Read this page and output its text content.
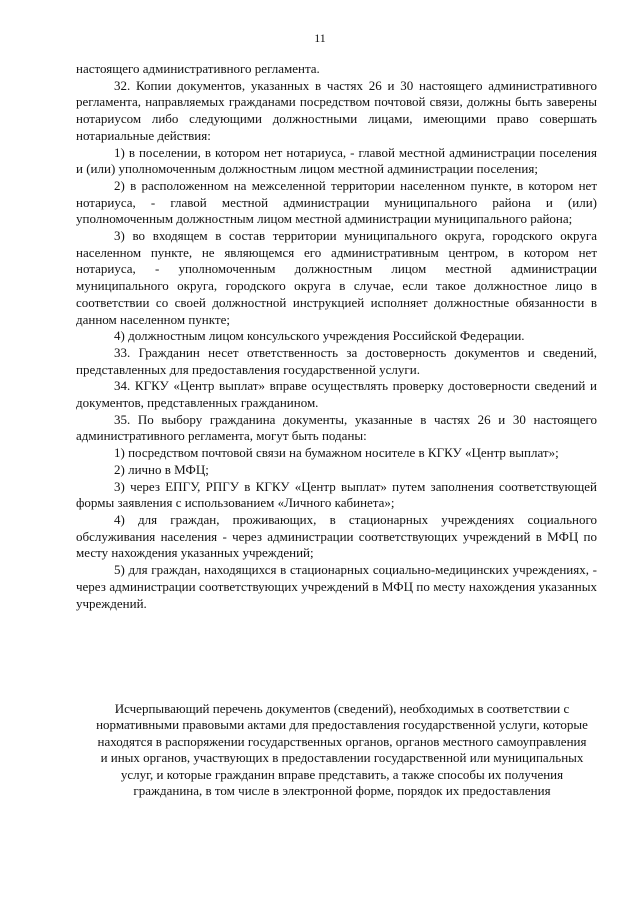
11

настоящего административного регламента.

32. Копии документов, указанных в частях 26 и 30 настоящего административного регламента, направляемых гражданами посредством почтовой связи, должны быть заверены нотариусом либо следующими должностными лицами, имеющими право совершать нотариальные действия:

1) в поселении, в котором нет нотариуса, - главой местной администрации поселения и (или) уполномоченным должностным лицом местной администрации поселения;

2) в расположенном на межселенной территории населенном пункте, в котором нет нотариуса, - главой местной администрации муниципального района и (или) уполномоченным должностным лицом местной администрации муниципального района;

3) во входящем в состав территории муниципального округа, городского округа населенном пункте, не являющемся его административным центром, в котором нет нотариуса, - уполномоченным должностным лицом местной администрации муниципального округа, городского округа в случае, если такое должностное лицо в соответствии со своей должностной инструкцией исполняет должностные обязанности в данном населенном пункте;

4) должностным лицом консульского учреждения Российской Федерации.

33. Гражданин несет ответственность за достоверность документов и сведений, представленных для предоставления государственной услуги.

34. КГКУ «Центр выплат» вправе осуществлять проверку достоверности сведений и документов, представленных гражданином.

35. По выбору гражданина документы, указанные в частях 26 и 30 настоящего административного регламента, могут быть поданы:

1) посредством почтовой связи на бумажном носителе в КГКУ «Центр выплат»;

2) лично в МФЦ;

3) через ЕПГУ, РПГУ в КГКУ «Центр выплат» путем заполнения соответствующей формы заявления с использованием «Личного кабинета»;

4) для граждан, проживающих, в стационарных учреждениях социального обслуживания населения - через администрации соответствующих учреждений в МФЦ по месту нахождения указанных учреждений;

5) для граждан, находящихся в стационарных социально-медицинских учреждениях, - через администрации соответствующих учреждений в МФЦ по месту нахождения указанных учреждений.

Исчерпывающий перечень документов (сведений), необходимых в соответствии с нормативными правовыми актами для предоставления государственной услуги, которые находятся в распоряжении государственных органов, органов местного самоуправления и иных органов, участвующих в предоставлении государственной или муниципальных услуг, и которые гражданин вправе представить, а также способы их получения гражданина, в том числе в электронной форме, порядок их предоставления
